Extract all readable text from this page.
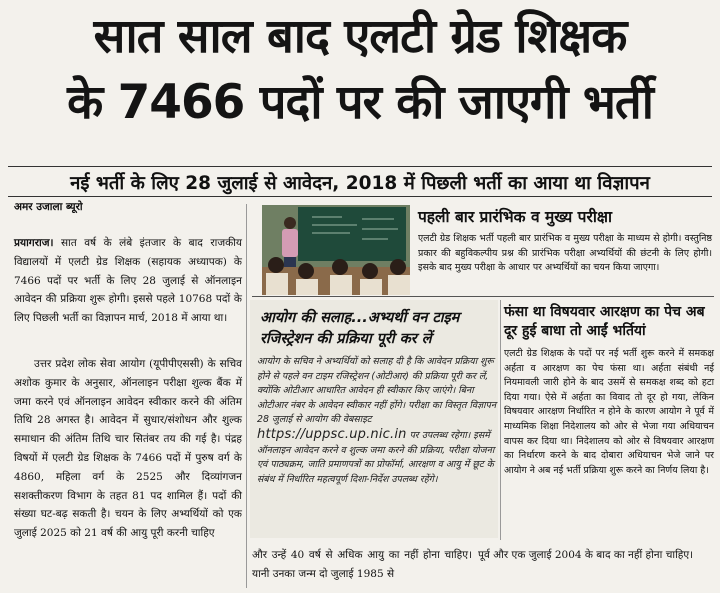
सात साल बाद एलटी ग्रेड शिक्षक
के 7466 पदों पर की जाएगी भर्ती
नई भर्ती के लिए 28 जुलाई से आवेदन, 2018 में पिछली भर्ती का आया था विज्ञापन
अमर उजाला ब्यूरो
प्रयागराज। सात वर्ष के लंबे इंतजार के बाद राजकीय विद्यालयों में एलटी ग्रेड शिक्षक (सहायक अध्यापक) के 7466 पदों पर भर्ती के लिए 28 जुलाई से ऑनलाइन आवेदन की प्रक्रिया शुरू होगी। इससे पहले 10768 पदों के लिए पिछली भर्ती का विज्ञापन मार्च, 2018 में आया था।
उत्तर प्रदेश लोक सेवा आयोग (यूपीपीएससी) के सचिव अशोक कुमार के अनुसार, ऑनलाइन परीक्षा शुल्क बैंक में जमा करने एवं ऑनलाइन आवेदन स्वीकार करने की अंतिम तिथि 28 अगस्त है। आवेदन में सुधार/संशोधन और शुल्क समाधान की अंतिम तिथि चार सितंबर तय की गई है। पंद्रह विषयों में एलटी ग्रेड शिक्षक के 7466 पदों में पुरुष वर्ग के 4860, महिला वर्ग के 2525 और दिव्यांगजन सशक्तीकरण विभाग के तहत 81 पद शामिल हैं। पदों की संख्या घट-बढ़ सकती है। चयन के लिए अभ्यर्थियों को एक जुलाई 2025 को 21 वर्ष की आयु पूरी करनी चाहिए
पहली बार प्रारंभिक व मुख्य परीक्षा
एलटी ग्रेड शिक्षक भर्ती पहली बार प्रारंभिक व मुख्य परीक्षा के माध्यम से होगी। वस्तुनिष्ठ प्रकार की बहुविकल्पीय प्रश्न की प्रारंभिक परीक्षा अभ्यर्थियों की छंटनी के लिए होगी। इसके बाद मुख्य परीक्षा के आधार पर अभ्यर्थियों का चयन किया जाएगा।
आयोग की सलाह...अभ्यर्थी वन टाइम रजिस्ट्रेशन की प्रक्रिया पूरी कर लें
आयोग के सचिव ने अभ्यर्थियों को सलाह दी है कि आवेदन प्रक्रिया शुरू होने से पहले वन टाइम रजिस्ट्रेशन (ओटीआर) की प्रक्रिया पूरी कर लें, क्योंकि ओटीआर आधारित आवेदन ही स्वीकार किए जाएंगे। बिना ओटीआर नंबर के आवेदन स्वीकार नहीं होंगे। परीक्षा का विस्तृत विज्ञापन 28 जुलाई से आयोग की वेबसाइट https://uppsc.up.nic.in पर उपलब्ध रहेगा। इसमें ऑनलाइन आवेदन करने व शुल्क जमा करने की प्रक्रिया, परीक्षा योजना एवं पाठ्यक्रम, जाति प्रमाणपत्रों का प्रोफॉर्मा, आरक्षण व आयु में छूट के संबंध में निर्धारित महत्वपूर्ण दिशा-निर्देश उपलब्ध रहेंगे।
फंसा था विषयवार आरक्षण का पेच अब दूर हुई बाधा तो आईं भर्तियां
एलटी ग्रेड शिक्षक के पदों पर नई भर्ती शुरू करने में समकक्ष अर्हता व आरक्षण का पेच फंसा था। अर्हता संबंधी नई नियमावली जारी होने के बाद उसमें से समकक्ष शब्द को हटा दिया गया। ऐसे में अर्हता का विवाद तो दूर हो गया, लेकिन विषयवार आरक्षण निर्धारित न होने के कारण आयोग ने पूर्व में माध्यमिक शिक्षा निदेशालय को ओर से भेजा गया अधियाचन वापस कर दिया था। निदेशालय को ओर से विषयवार आरक्षण का निर्धारण करने के बाद दोबारा अधियाचन भेजे जाने पर आयोग ने अब नई भर्ती प्रक्रिया शुरू करने का निर्णय लिया है।
और उन्हें 40 वर्ष से अधिक आयु का नहीं होना चाहिए। यानी उनका जन्म दो जुलाई 1985 से
पूर्व और एक जुलाई 2004 के बाद का नहीं होना चाहिए।
